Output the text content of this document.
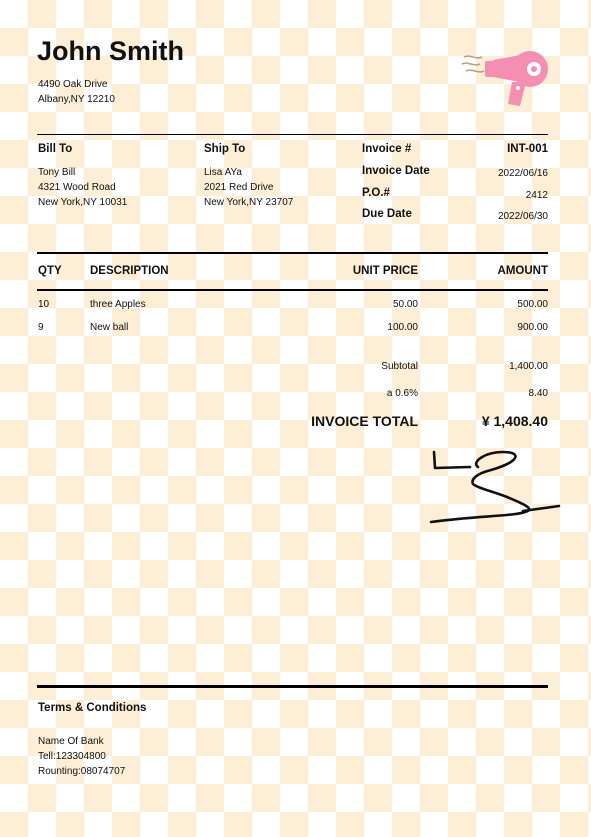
John Smith
4490 Oak Drive
Albany,NY 12210
Bill To
Tony Bill
4321 Wood Road
New York,NY 10031
Ship To
Lisa AYa
2021 Red Drive
New York,NY 23707
Invoice #	INT-001
Invoice Date	2022/06/16
P.O.#	2412
Due Date	2022/06/30
QTY DESCRIPTION	UNIT PRICE	AMOUNT
10	three Apples	50.00	500.00
9	New ball	100.00	900.00
Subtotal	1,400.00
a 0.6%	8.40
INVOICE TOTAL	¥ 1,408.40
Terms & Conditions
Name Of Bank
Tell:123304800
Rounting:08074707
